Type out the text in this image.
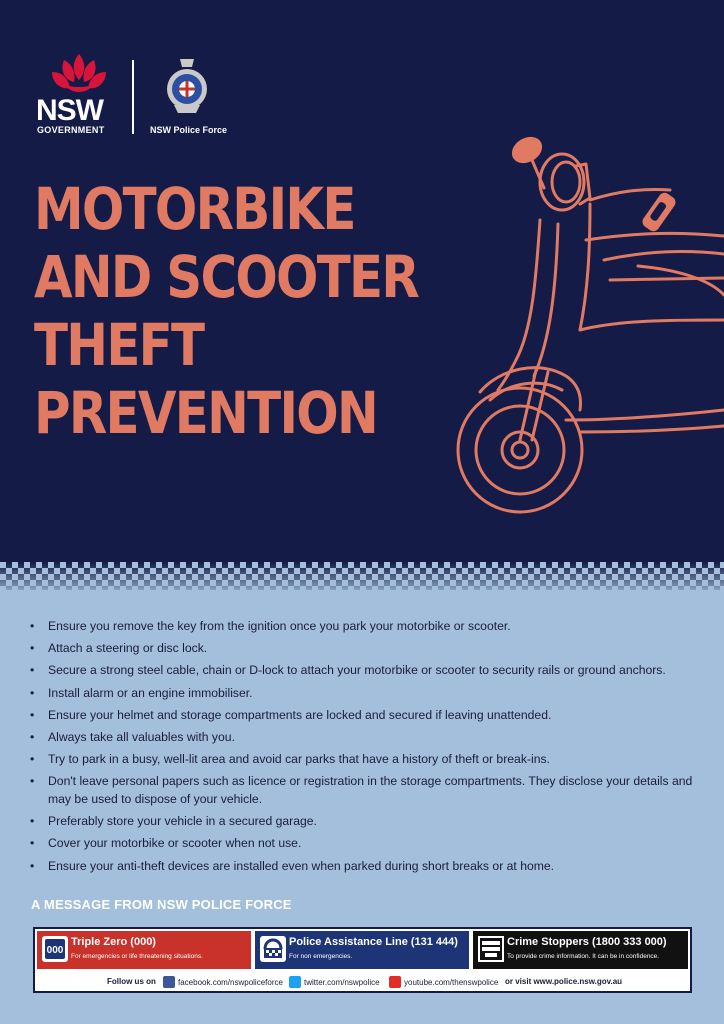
NSW
GOVERNMENT	NSW Police Force
MOTORBIKE
AND SCOOTER
THEFT
PREVENTION
• Ensure you remove the key from the ignition once you park your motorbike or scooter.
• Attach a steering or disc lock.
• Secure a strong steel cable, chain or D-lock to attach your motorbike or scooter to security rails or ground anchors.
• Install alarm or an engine immobiliser.
• Ensure your helmet and storage compartments are locked and secured if leaving unattended.
• Always take all valuables with you.
• Try to park in a busy, well-lit area and avoid car parks that have a history of theft or break-ins.
• Don't leave personal papers such as licence or registration in the storage compartments. They disclose your details and may be used to dispose of your vehicle.
• Preferably store your vehicle in a secured garage.
• Cover your motorbike or scooter when not use.
• Ensure your anti-theft devices are installed even when parked during short breaks or at home.
A MESSAGE FROM NSW POLICE FORCE
000
Triple Zero (000)
For emergencies or life threatening situations.
Police Assistance Line (131 444)
For non emergencies.
Crime Stoppers (1800 333 000)
To provide crime information. It can be in confidence.
Follow us on	facebook.com/nswpoliceforce	twitter.com/nswpolice	youtube.com/thenswpolice or visit www.police.nsw.gov.au
